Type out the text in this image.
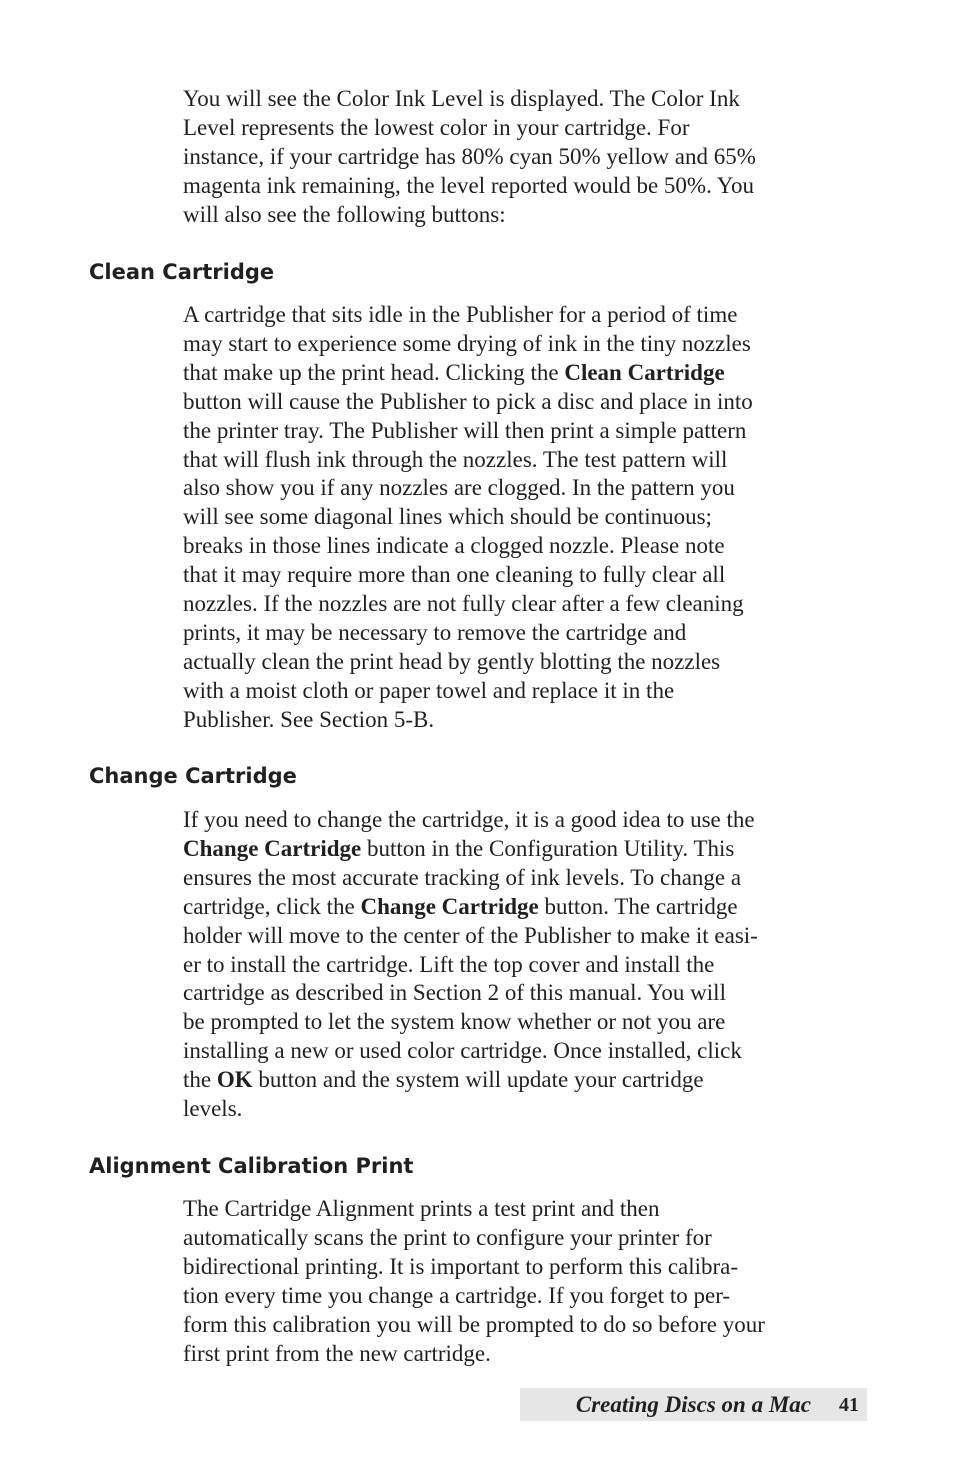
You will see the Color Ink Level is displayed. The Color Ink
Level represents the lowest color in your cartridge. For
instance, if your cartridge has 80% cyan 50% yellow and 65%
magenta ink remaining, the level reported would be 50%. You
will also see the following buttons:
Clean Cartridge
A cartridge that sits idle in the Publisher for a period of time
may start to experience some drying of ink in the tiny nozzles
that make up the print head. Clicking the Clean Cartridge
button will cause the Publisher to pick a disc and place in into
the printer tray. The Publisher will then print a simple pattern
that will flush ink through the nozzles. The test pattern will
also show you if any nozzles are clogged. In the pattern you
will see some diagonal lines which should be continuous;
breaks in those lines indicate a clogged nozzle. Please note
that it may require more than one cleaning to fully clear all
nozzles. If the nozzles are not fully clear after a few cleaning
prints, it may be necessary to remove the cartridge and
actually clean the print head by gently blotting the nozzles
with a moist cloth or paper towel and replace it in the
Publisher. See Section 5-B.
Change Cartridge
If you need to change the cartridge, it is a good idea to use the
Change Cartridge button in the Configuration Utility. This
ensures the most accurate tracking of ink levels. To change a
cartridge, click the Change Cartridge button. The cartridge
holder will move to the center of the Publisher to make it easi-
er to install the cartridge. Lift the top cover and install the
cartridge as described in Section 2 of this manual. You will
be prompted to let the system know whether or not you are
installing a new or used color cartridge. Once installed, click
the OK button and the system will update your cartridge
levels.
Alignment Calibration Print
The Cartridge Alignment prints a test print and then
automatically scans the print to configure your printer for
bidirectional printing. It is important to perform this calibra-
tion every time you change a cartridge. If you forget to per-
form this calibration you will be prompted to do so before your
first print from the new cartridge.
Creating Discs on a Mac 41
